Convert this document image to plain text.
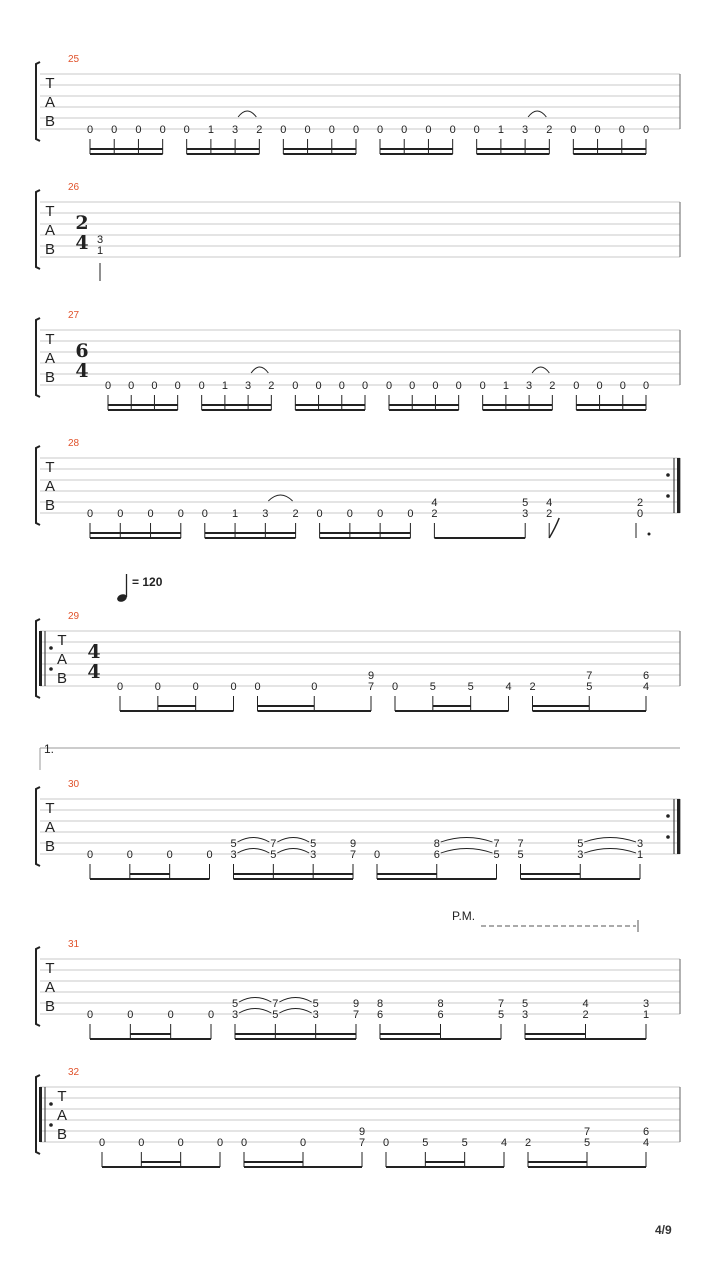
25
T
A
B	0 0 0 0 0 1 3 2 0 0 0 0 0 0 0 0 0 1 3 2 0 0 0 0
26
T
A
B
2
4 3
1
27
T
A
B
6
4
0 0 0 0 0 1 3 2 0 0 0 0 0 0 0 0 0 1 3 2 0 0 0 0
28
T
A
B	0 0 0 0 0 1 3 2 0 0 0 0
4
2
5
3
4
2
2
0
29
T
A
B
4
4
0	0	0	0 0	0
9
7 0	5	5	4 2
7
5
6
4
30
T
A
B	0	0	0	0
5
3
7
5
5
3
9
7 0
8
6
7
5
7
5
5
3
3
1
31
T
A
B	0	0	0	0
5
3
7
5
5
3
9
7
8
6
8
6
7
5
5
3
4
2
3
1
32
T
A
B	0	0	0	0 0	0
9
7 0	5	5	4 2
7
5
6
4
= 120
1.
P.M.
4/9
